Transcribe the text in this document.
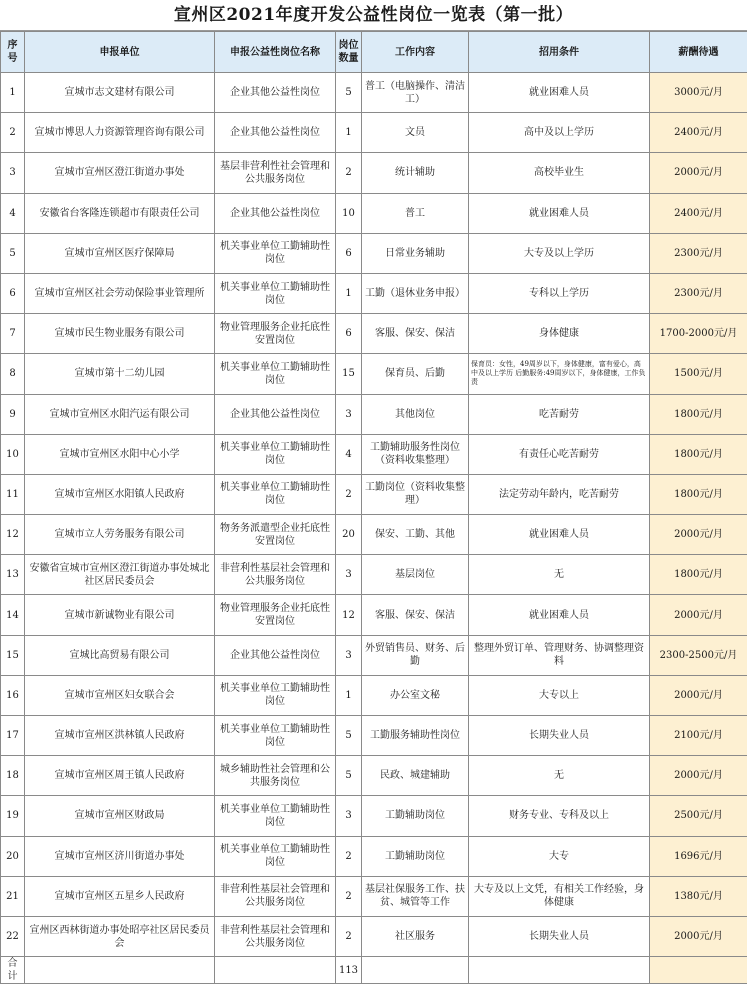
宣州区2021年度开发公益性岗位一览表（第一批）
序号	申报单位	申报公益性岗位名称	岗位数量	工作内容	招用条件	薪酬待遇
1	宣城市志文建材有限公司	企业其他公益性岗位	5	普工（电脑操作、清洁工）	就业困难人员	3000元/月
2	宣城市博思人力资源管理咨询有限公司	企业其他公益性岗位	1	文员	高中及以上学历	2400元/月
3	宣城市宣州区澄江街道办事处	基层非营利性社会管理和公共服务岗位	2	统计辅助	高校毕业生	2000元/月
4	安徽省台客隆连锁超市有限责任公司	企业其他公益性岗位	10	普工	就业困难人员	2400元/月
5	宣城市宣州区医疗保障局	机关事业单位工勤辅助性岗位	6	日常业务辅助	大专及以上学历	2300元/月
6	宣城市宣州区社会劳动保险事业管理所	机关事业单位工勤辅助性岗位	1	工勤（退休业务申报）	专科以上学历	2300元/月
7	宣城市民生物业服务有限公司	物业管理服务企业托底性安置岗位	6	客服、保安、保洁	身体健康	1700-2000元/月
8	宣城市第十二幼儿园	机关事业单位工勤辅助性岗位	15	保育员、后勤	保育员：女性，49周岁以下，身体健康，富有爱心，高中及以上学历 后勤服务:49周岁以下，身体健康，工作负责	1500元/月
9	宣城市宣州区水阳汽运有限公司	企业其他公益性岗位	3	其他岗位	吃苦耐劳	1800元/月
10	宣城市宣州区水阳中心小学	机关事业单位工勤辅助性岗位	4	工勤辅助服务性岗位（资料收集整理）	有责任心吃苦耐劳	1800元/月
11	宣城市宣州区水阳镇人民政府	机关事业单位工勤辅助性岗位	2	工勤岗位（资料收集整理）	法定劳动年龄内，吃苦耐劳	1800元/月
12	宣城市立人劳务服务有限公司	物务务派遣型企业托底性安置岗位	20	保安、工勤、其他	就业困难人员	2000元/月
13	安徽省宣城市宣州区澄江街道办事处城北社区居民委员会	非营利性基层社会管理和公共服务岗位	3	基层岗位	无	1800元/月
14	宣城市新诚物业有限公司	物业管理服务企业托底性安置岗位	12	客服、保安、保洁	就业困难人员	2000元/月
15	宣城比高贸易有限公司	企业其他公益性岗位	3	外贸销售员、财务、后勤	整理外贸订单、管理财务、协调整理资料	2300-2500元/月
16	宣城市宣州区妇女联合会	机关事业单位工勤辅助性岗位	1	办公室文秘	大专以上	2000元/月
17	宣城市宣州区洪林镇人民政府	机关事业单位工勤辅助性岗位	5	工勤服务辅助性岗位	长期失业人员	2100元/月
18	宣城市宣州区周王镇人民政府	城乡辅助性社会管理和公共服务岗位	5	民政、城建辅助	无	2000元/月
19	宣城市宣州区财政局	机关事业单位工勤辅助性岗位	3	工勤辅助岗位	财务专业、专科及以上	2500元/月
20	宣城市宣州区济川街道办事处	机关事业单位工勤辅助性岗位	2	工勤辅助岗位	大专	1696元/月
21	宣城市宣州区五星乡人民政府	非营利性基层社会管理和公共服务岗位	2	基层社保服务工作、扶贫、城管等工作	大专及以上文凭，有相关工作经验，身体健康	1380元/月
22	宣州区西林街道办事处昭亭社区居民委员会	非营利性基层社会管理和公共服务岗位	2	社区服务	长期失业人员	2000元/月
合计			113			
